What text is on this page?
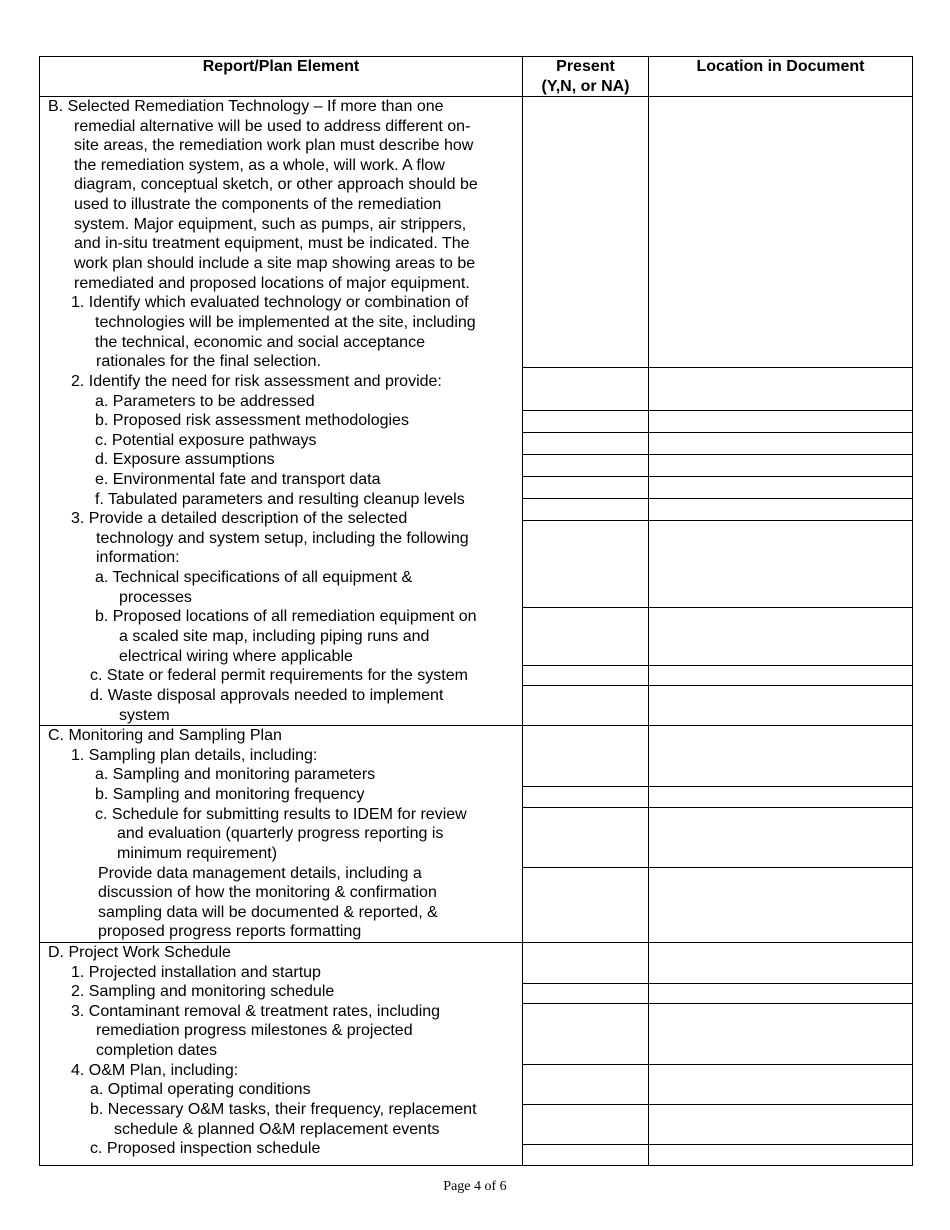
Report/Plan Element	Present
(Y,N, or NA)
Location in Document
B. Selected Remediation Technology – If more than one
remedial alternative will be used to address different on-
site areas, the remediation work plan must describe how
the remediation system, as a whole, will work. A flow
diagram, conceptual sketch, or other approach should be
used to illustrate the components of the remediation
system. Major equipment, such as pumps, air strippers,
and in-situ treatment equipment, must be indicated. The
work plan should include a site map showing areas to be
remediated and proposed locations of major equipment.
1. Identify which evaluated technology or combination of
technologies will be implemented at the site, including
the technical, economic and social acceptance
rationales for the final selection.
2. Identify the need for risk assessment and provide:
a. Parameters to be addressed
b. Proposed risk assessment methodologies
c. Potential exposure pathways
d. Exposure assumptions
e. Environmental fate and transport data
f. Tabulated parameters and resulting cleanup levels
3. Provide a detailed description of the selected
technology and system setup, including the following
information:
a. Technical specifications of all equipment &
processes
b. Proposed locations of all remediation equipment on
a scaled site map, including piping runs and
electrical wiring where applicable
c. State or federal permit requirements for the system
d. Waste disposal approvals needed to implement
system
C. Monitoring and Sampling Plan
1. Sampling plan details, including:
a. Sampling and monitoring parameters
b. Sampling and monitoring frequency
c. Schedule for submitting results to IDEM for review
and evaluation (quarterly progress reporting is
minimum requirement)
Provide data management details, including a
discussion of how the monitoring & confirmation
sampling data will be documented & reported, &
proposed progress reports formatting
D. Project Work Schedule
1. Projected installation and startup
2. Sampling and monitoring schedule
3. Contaminant removal & treatment rates, including
remediation progress milestones & projected
completion dates
4. O&M Plan, including:
a. Optimal operating conditions
b. Necessary O&M tasks, their frequency, replacement
schedule & planned O&M replacement events
c. Proposed inspection schedule
Page 4 of 6
